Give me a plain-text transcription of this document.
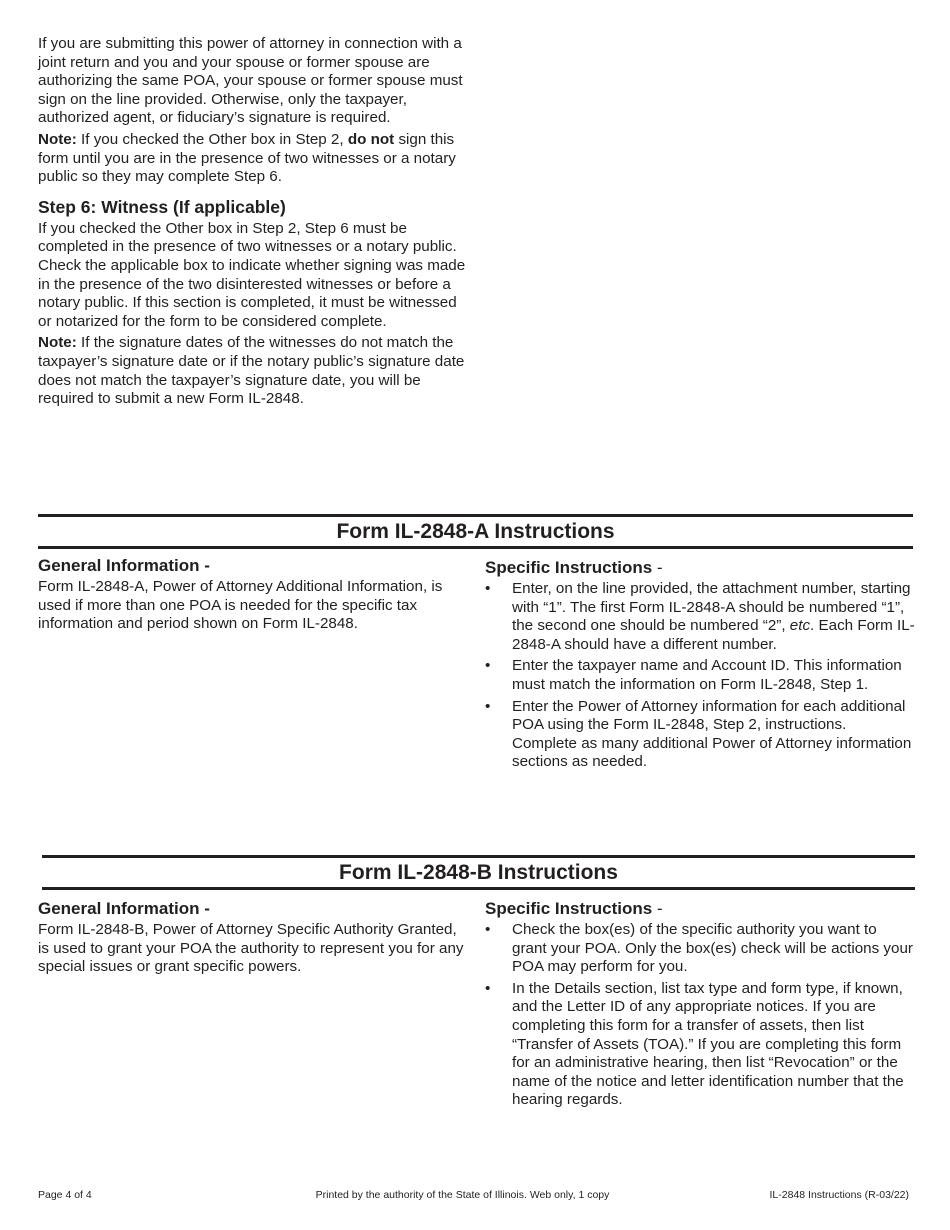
If you are submitting this power of attorney in connection with a joint return and you and your spouse or former spouse are authorizing the same POA, your spouse or former spouse must sign on the line provided. Otherwise, only the taxpayer, authorized agent, or fiduciary’s signature is required.

Note: If you checked the Other box in Step 2, do not sign this form until you are in the presence of two witnesses or a notary public so they may complete Step 6.

Step 6: Witness (If applicable)

If you checked the Other box in Step 2, Step 6 must be completed in the presence of two witnesses or a notary public. Check the applicable box to indicate whether signing was made in the presence of the two disinterested witnesses or before a notary public. If this section is completed, it must be witnessed or notarized for the form to be considered complete.

Note: If the signature dates of the witnesses do not match the taxpayer’s signature date or if the notary public’s signature date does not match the taxpayer’s signature date, you will be required to submit a new Form IL-2848.

Form IL-2848-A Instructions
General Information -

Form IL-2848-A, Power of Attorney Additional Information, is used if more than one POA is needed for the specific tax information and period shown on Form IL-2848.

Specific Instructions -
• Enter, on the line provided, the attachment number, starting with “1”. The first Form IL-2848-A should be numbered “1”, the second one should be numbered “2”, etc. Each Form IL-2848-A should have a different number.
• Enter the taxpayer name and Account ID. This information must match the information on Form IL-2848, Step 1.
• Enter the Power of Attorney information for each additional POA using the Form IL-2848, Step 2, instructions. Complete as many additional Power of Attorney information sections as needed.
Form IL-2848-B Instructions
General Information -

Form IL-2848-B, Power of Attorney Specific Authority Granted, is used to grant your POA the authority to represent you for any special issues or grant specific powers.

Specific Instructions -
• Check the box(es) of the specific authority you want to grant your POA. Only the box(es) check will be actions your POA may perform for you.
• In the Details section, list tax type and form type, if known, and the Letter ID of any appropriate notices. If you are completing this form for a transfer of assets, then list “Transfer of Assets (TOA).” If you are completing this form for an administrative hearing, then list “Revocation” or the name of the notice and letter identification number that the hearing regards.
Page 4 of 4	Printed by the authority of the State of Illinois. Web only, 1 copy	IL-2848 Instructions (R-03/22)
